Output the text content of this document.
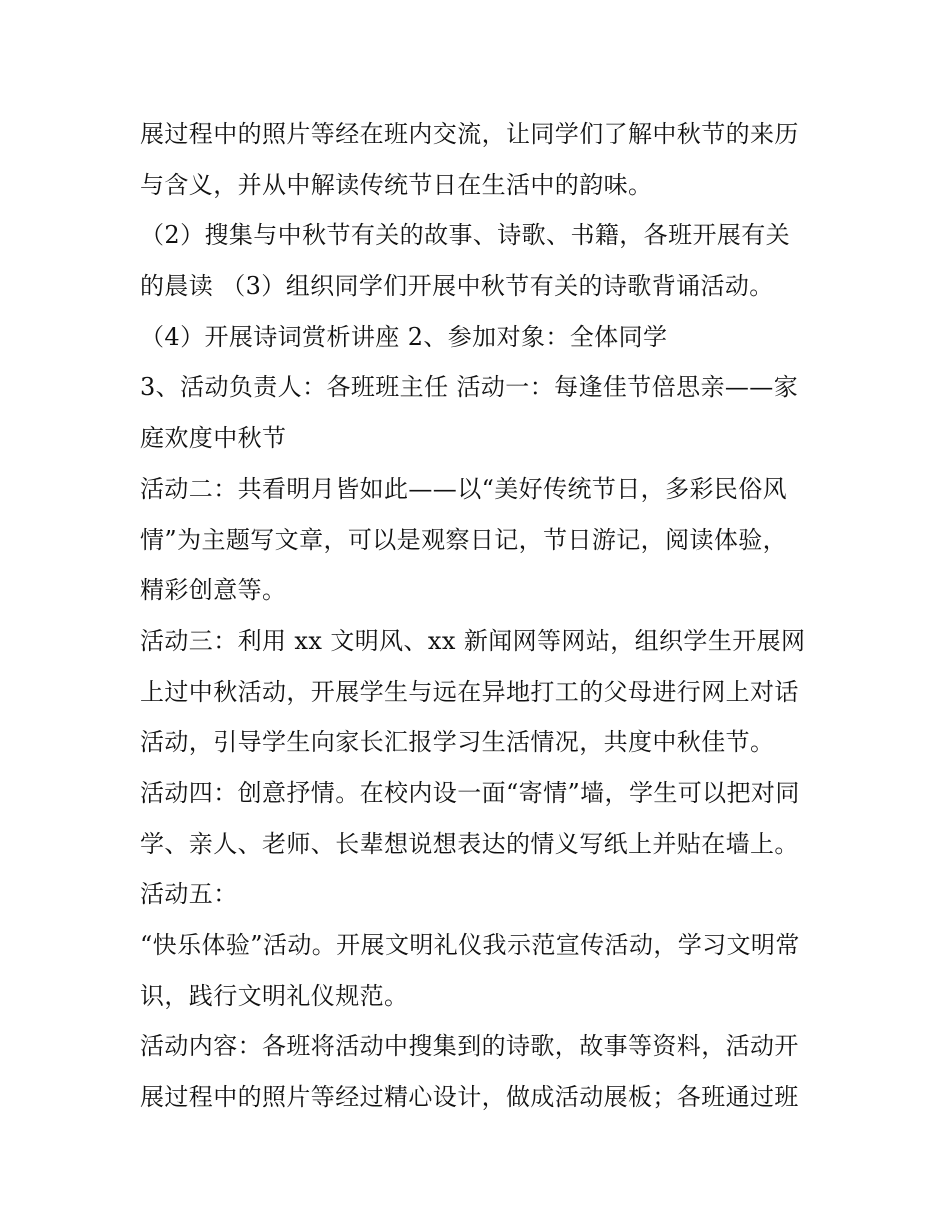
展过程中的照片等经在班内交流，让同学们了解中秋节的来历
与含义，并从中解读传统节日在生活中的韵味。
（2）搜集与中秋节有关的故事、诗歌、书籍，各班开展有关
的晨读 （3）组织同学们开展中秋节有关的诗歌背诵活动。
（4）开展诗词赏析讲座 2、参加对象：全体同学
3、活动负责人：各班班主任 活动一：每逢佳节倍思亲——家
庭欢度中秋节
活动二：共看明月皆如此——以“美好传统节日，多彩民俗风
情”为主题写文章，可以是观察日记，节日游记，阅读体验，
精彩创意等。
活动三：利用 xx 文明风、xx 新闻网等网站，组织学生开展网
上过中秋活动，开展学生与远在异地打工的父母进行网上对话
活动，引导学生向家长汇报学习生活情况，共度中秋佳节。
活动四：创意抒情。在校内设一面“寄情”墙，学生可以把对同
学、亲人、老师、长辈想说想表达的情义写纸上并贴在墙上。
活动五：
“快乐体验”活动。开展文明礼仪我示范宣传活动，学习文明常
识，践行文明礼仪规范。
活动内容：各班将活动中搜集到的诗歌，故事等资料，活动开
展过程中的照片等经过精心设计，做成活动展板；各班通过班
